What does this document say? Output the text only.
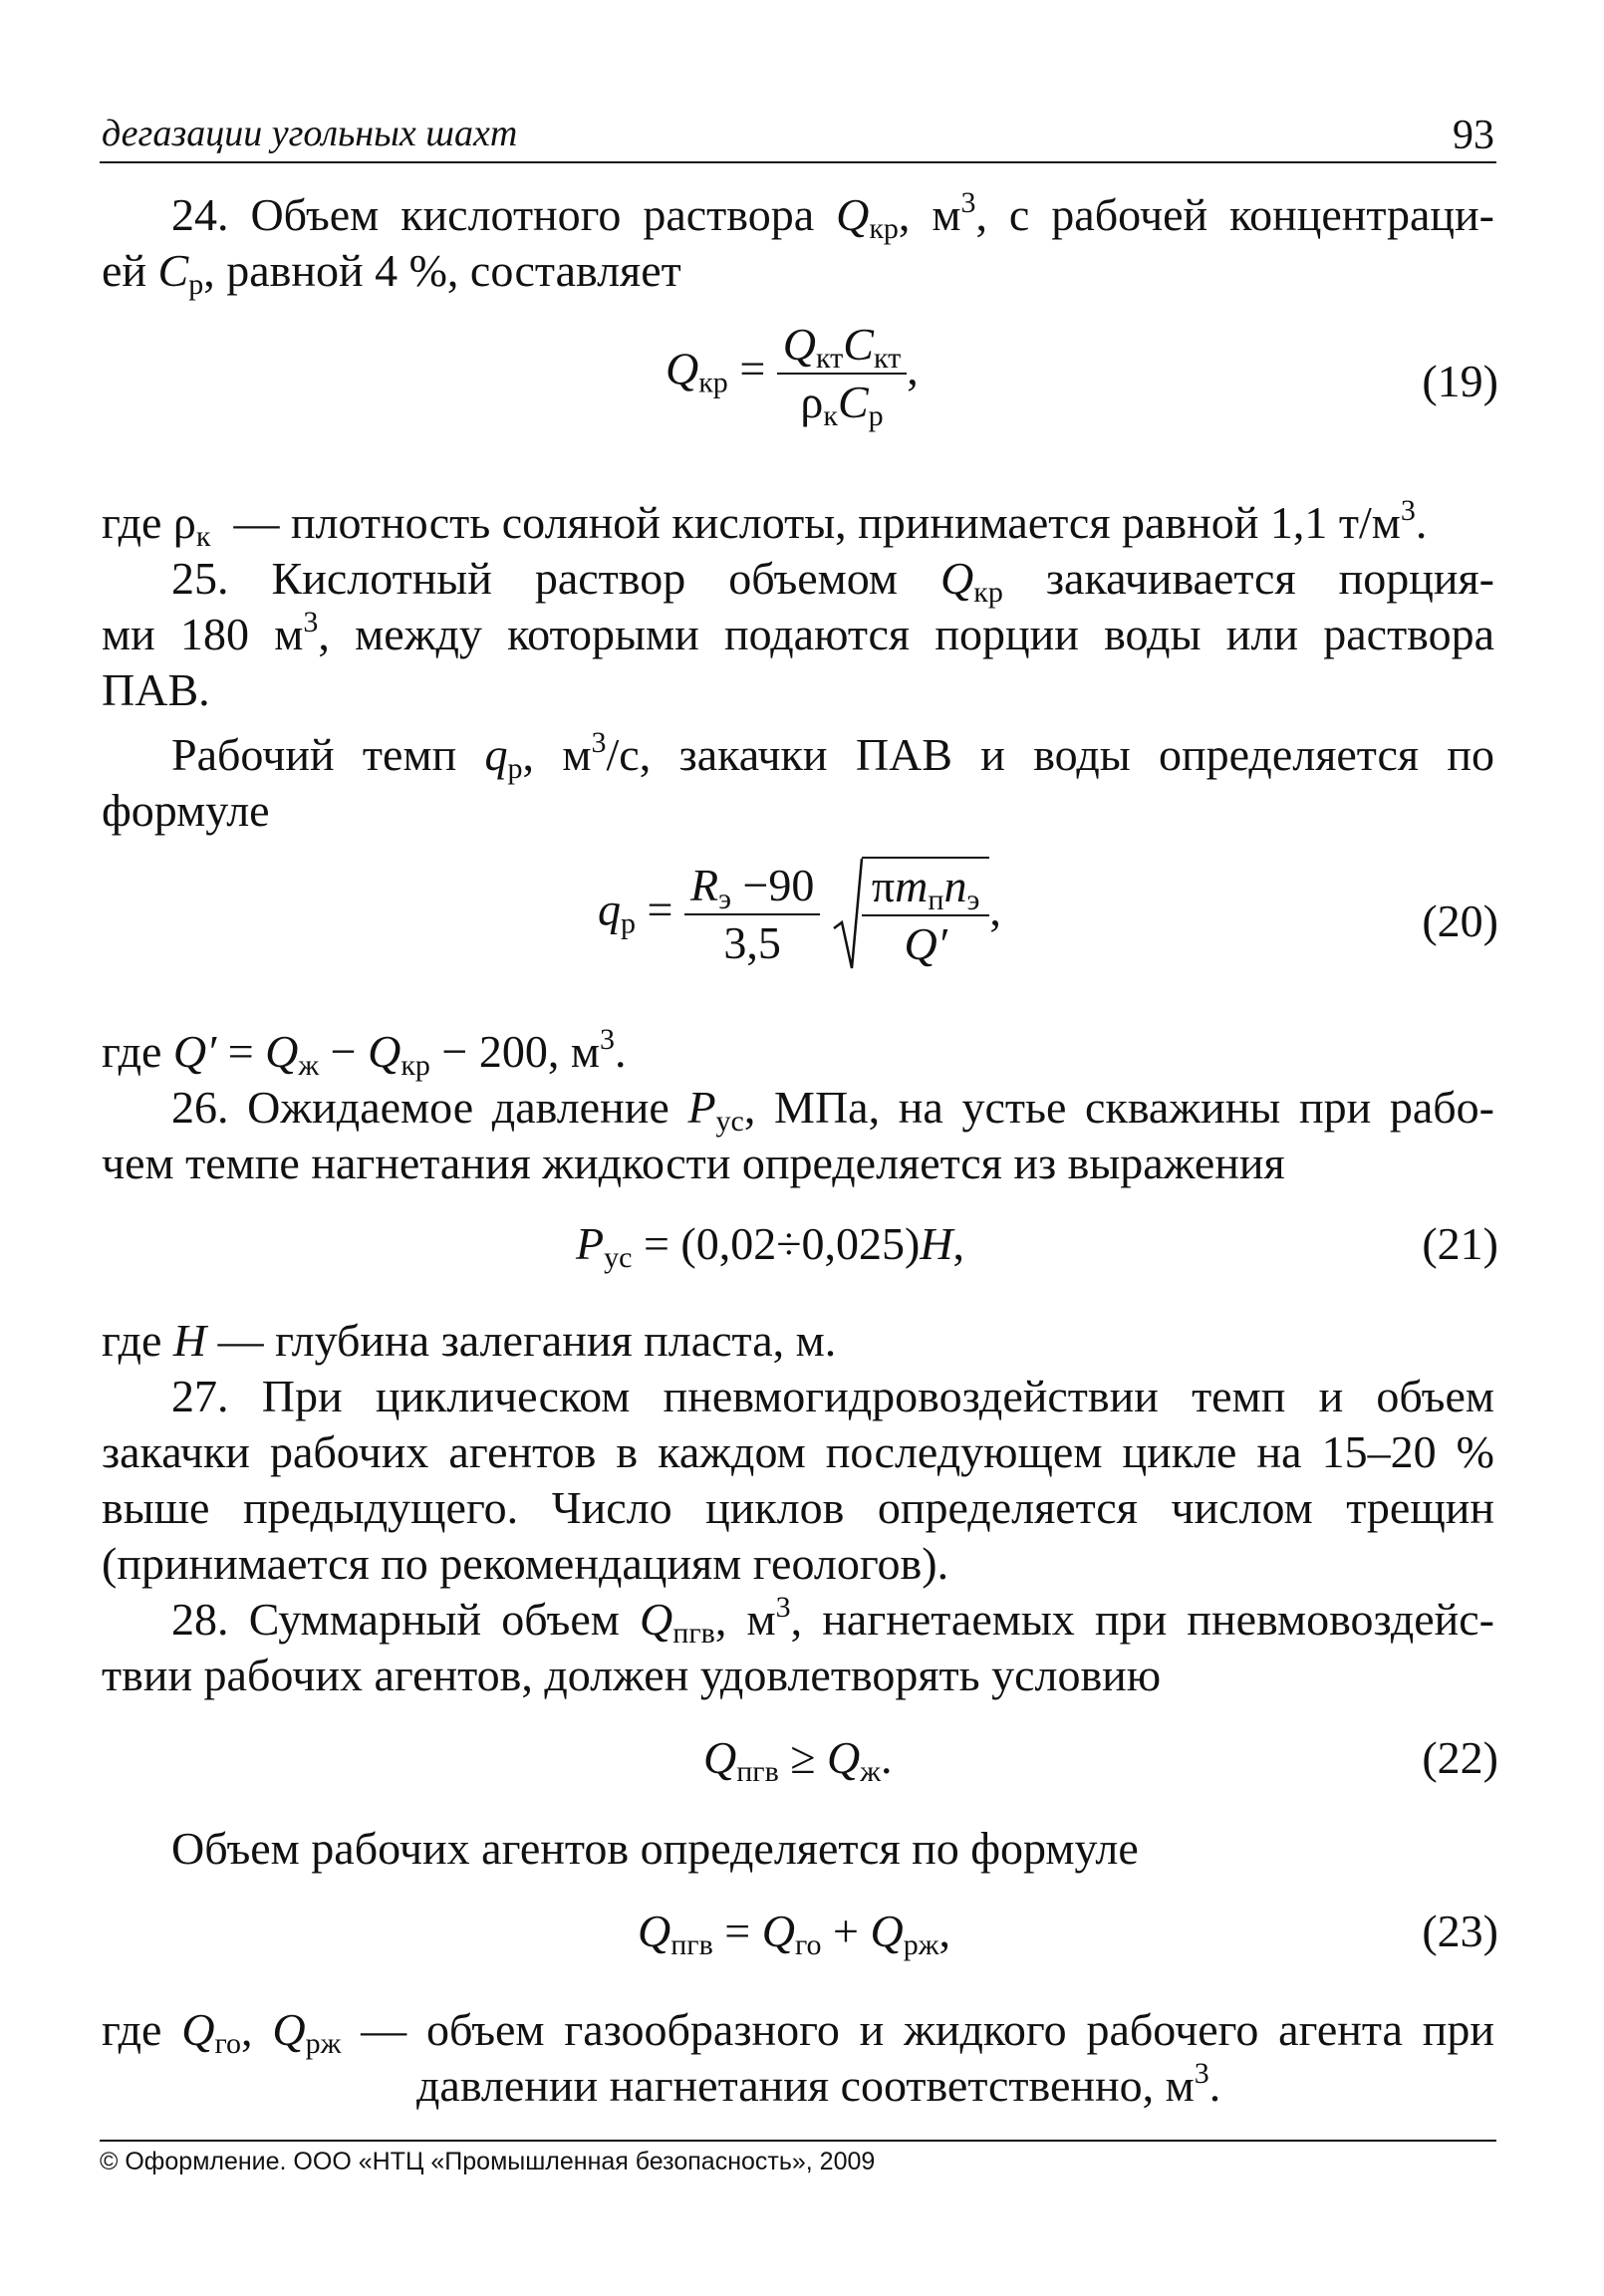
дегазации угольных шахт	93
24. Объем кислотного раствора $Q_{кр}$, $м^3$, с рабочей концентраци-
ей $C_р$, равной 4 %, составляет
$Q_{кр} = \frac{Q_{кт}C_{кт}}{\rho_кC_р}$ ,	(19)
где $\rho_к$ — плотность соляной кислоты, принимается равной 1,1 $т/м^3$.
25. Кислотный раствор объемом $Q_{кр}$ закачивается порция-
ми 180 $м^3$, между которыми подаются порции воды или раствора
ПАВ.
Рабочий темп $q_р$, $м^3/с$, закачки ПАВ и воды определяется по
формуле
$q_р = \frac{R_э -90}{3,5}$
$\frac{\pi m_пn_э}{Q'}$ ,	(20)
где $Q' = Q_ж - Q_{кр} - 200$, $м^3$.
26. Ожидаемое давление $P_{ус}$, МПа, на устье скважины при рабо-
чем темпе нагнетания жидкости определяется из выражения
$P_{ус} = (0,02\div 0,025)H$,	(21)
где H — глубина залегания пласта, м.
27. При циклическом пневмогидровоздействии темп и объем
закачки рабочих агентов в каждом последующем цикле на 15–20 %
выше предыдущего. Число циклов определяется числом трещин
(принимается по рекомендациям геологов).
28. Суммарный объем $Q_{пгв}$, $м^3$, нагнетаемых при пневмовоздейс-
твии рабочих агентов, должен удовлетворять условию
$Q_{пгв} \ge Q_ж$.	(22)
Объем рабочих агентов определяется по формуле
$Q_{пгв} = Q_{го} + Q_{рж}$,	(23)
где $Q_{го}$, $Q_{рж}$ — объем газообразного и жидкого рабочего агента при
давлении нагнетания соответственно, $м^3$.
© Оформление. ООО «НТЦ «Промышленная безопасность», 2009
